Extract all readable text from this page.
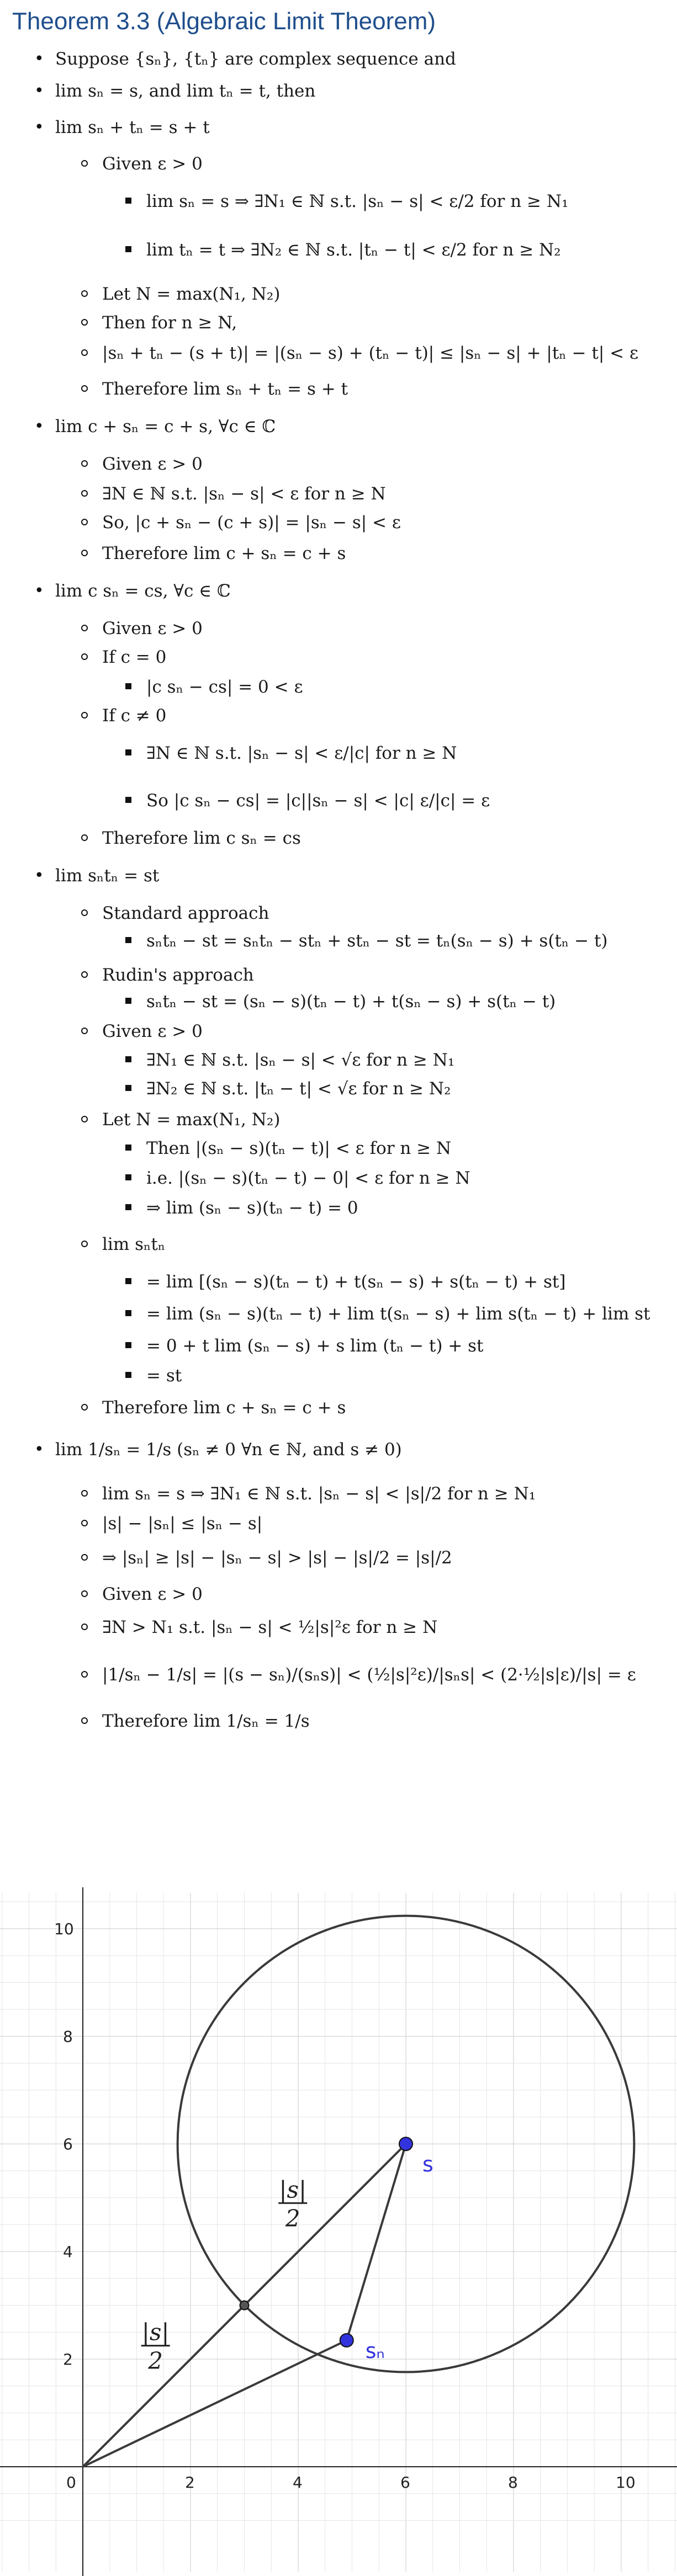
Theorem 3.3 (Algebraic Limit Theorem)
• Suppose {sₙ}, {tₙ} are complex sequence and
• lim sₙ = s, and lim tₙ = t, then
• lim sₙ + tₙ = s + t
Given ε > 0
lim sₙ = s ⇒ ∃N₁ ∈ ℕ s.t. |sₙ − s| < ε/2 for n ≥ N₁
lim tₙ = t ⇒ ∃N₂ ∈ ℕ s.t. |tₙ − t| < ε/2 for n ≥ N₂
Let N = max(N₁, N₂)
Then for n ≥ N,
|sₙ + tₙ − (s + t)| = |(sₙ − s) + (tₙ − t)| ≤ |sₙ − s| + |tₙ − t| < ε
Therefore lim sₙ + tₙ = s + t
• lim c + sₙ = c + s, ∀c ∈ ℂ
Given ε > 0
∃N ∈ ℕ s.t. |sₙ − s| < ε for n ≥ N
So, |c + sₙ − (c + s)| = |sₙ − s| < ε
Therefore lim c + sₙ = c + s
• lim c sₙ = cs, ∀c ∈ ℂ
Given ε > 0
If c = 0
|c sₙ − cs| = 0 < ε
If c ≠ 0
∃N ∈ ℕ s.t. |sₙ − s| < ε/|c| for n ≥ N
So |c sₙ − cs| = |c||sₙ − s| < |c| ε/|c| = ε
Therefore lim c sₙ = cs
• lim sₙtₙ = st
Standard approach
sₙtₙ − st = sₙtₙ − stₙ + stₙ − st = tₙ(sₙ − s) + s(tₙ − t)
Rudin's approach
sₙtₙ − st = (sₙ − s)(tₙ − t) + t(sₙ − s) + s(tₙ − t)
Given ε > 0
∃N₁ ∈ ℕ s.t. |sₙ − s| < √ε for n ≥ N₁
∃N₂ ∈ ℕ s.t. |tₙ − t| < √ε for n ≥ N₂
Let N = max(N₁, N₂)
Then |(sₙ − s)(tₙ − t)| < ε for n ≥ N
i.e. |(sₙ − s)(tₙ − t) − 0| < ε for n ≥ N
⇒ lim (sₙ − s)(tₙ − t) = 0
lim sₙtₙ
= lim [(sₙ − s)(tₙ − t) + t(sₙ − s) + s(tₙ − t) + st]
= lim (sₙ − s)(tₙ − t) + lim t(sₙ − s) + lim s(tₙ − t) + lim st
= 0 + t lim (sₙ − s) + s lim (tₙ − t) + st
= st
Therefore lim c + sₙ = c + s
• lim 1/sₙ = 1/s (sₙ ≠ 0 ∀n ∈ ℕ, and s ≠ 0)
lim sₙ = s ⇒ ∃N₁ ∈ ℕ s.t. |sₙ − s| < |s|/2 for n ≥ N₁
|s| − |sₙ| ≤ |sₙ − s|
⇒ |sₙ| ≥ |s| − |sₙ − s| > |s| − |s|/2 = |s|/2
Given ε > 0
∃N > N₁ s.t. |sₙ − s| < ½|s|²ε for n ≥ N
|1/sₙ − 1/s| = |(s − sₙ)/(sₙs)| < (½|s|²ε)/|sₙs| < (2·½|s|ε)/|s| = ε
Therefore lim 1/sₙ = 1/s
0	2	4	6	8	10
2
4
6
8
10
s
sₙ
|s|
2
|s|
2
